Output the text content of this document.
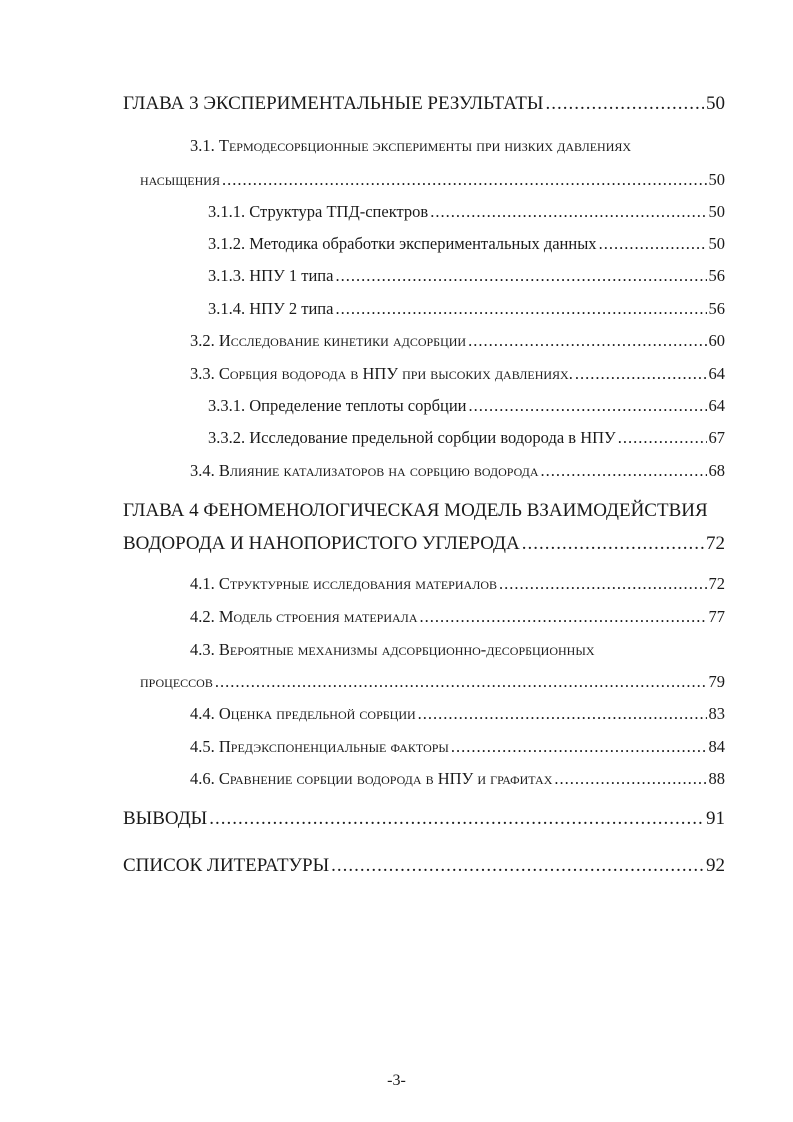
ГЛАВА 3 ЭКСПЕРИМЕНТАЛЬНЫЕ РЕЗУЛЬТАТЫ .....	50
3.1. Термодесорбционные эксперименты при низких давлениях
насыщения .....	50
3.1.1. Структура ТПД-спектров .....	50
3.1.2. Методика обработки экспериментальных данных .....	50
3.1.3. НПУ 1 типа .....	56
3.1.4. НПУ 2 типа .....	56
3.2. Исследование кинетики адсорбции .....	60
3.3. Сорбция водорода в НПУ при высоких давлениях. .....	64
3.3.1. Определение теплоты сорбции .....	64
3.3.2. Исследование предельной сорбции водорода в НПУ .....	67
3.4. Влияние катализаторов на сорбцию водорода .....	68
ГЛАВА 4 ФЕНОМЕНОЛОГИЧЕСКАЯ МОДЕЛЬ ВЗАИМОДЕЙСТВИЯ
ВОДОРОДА И НАНОПОРИСТОГО УГЛЕРОДА .....	72
4.1. Структурные исследования материалов .....	72
4.2. Модель строения материала .....	77
4.3. Вероятные механизмы адсорбционно-десорбционных
процессов .....	79
4.4. Оценка предельной сорбции .....	83
4.5. Предэкспоненциальные факторы .....	84
4.6. Сравнение сорбции водорода в НПУ и графитах .....	88
ВЫВОДЫ .....	91
СПИСОК ЛИТЕРАТУРЫ .....	92
-3-
